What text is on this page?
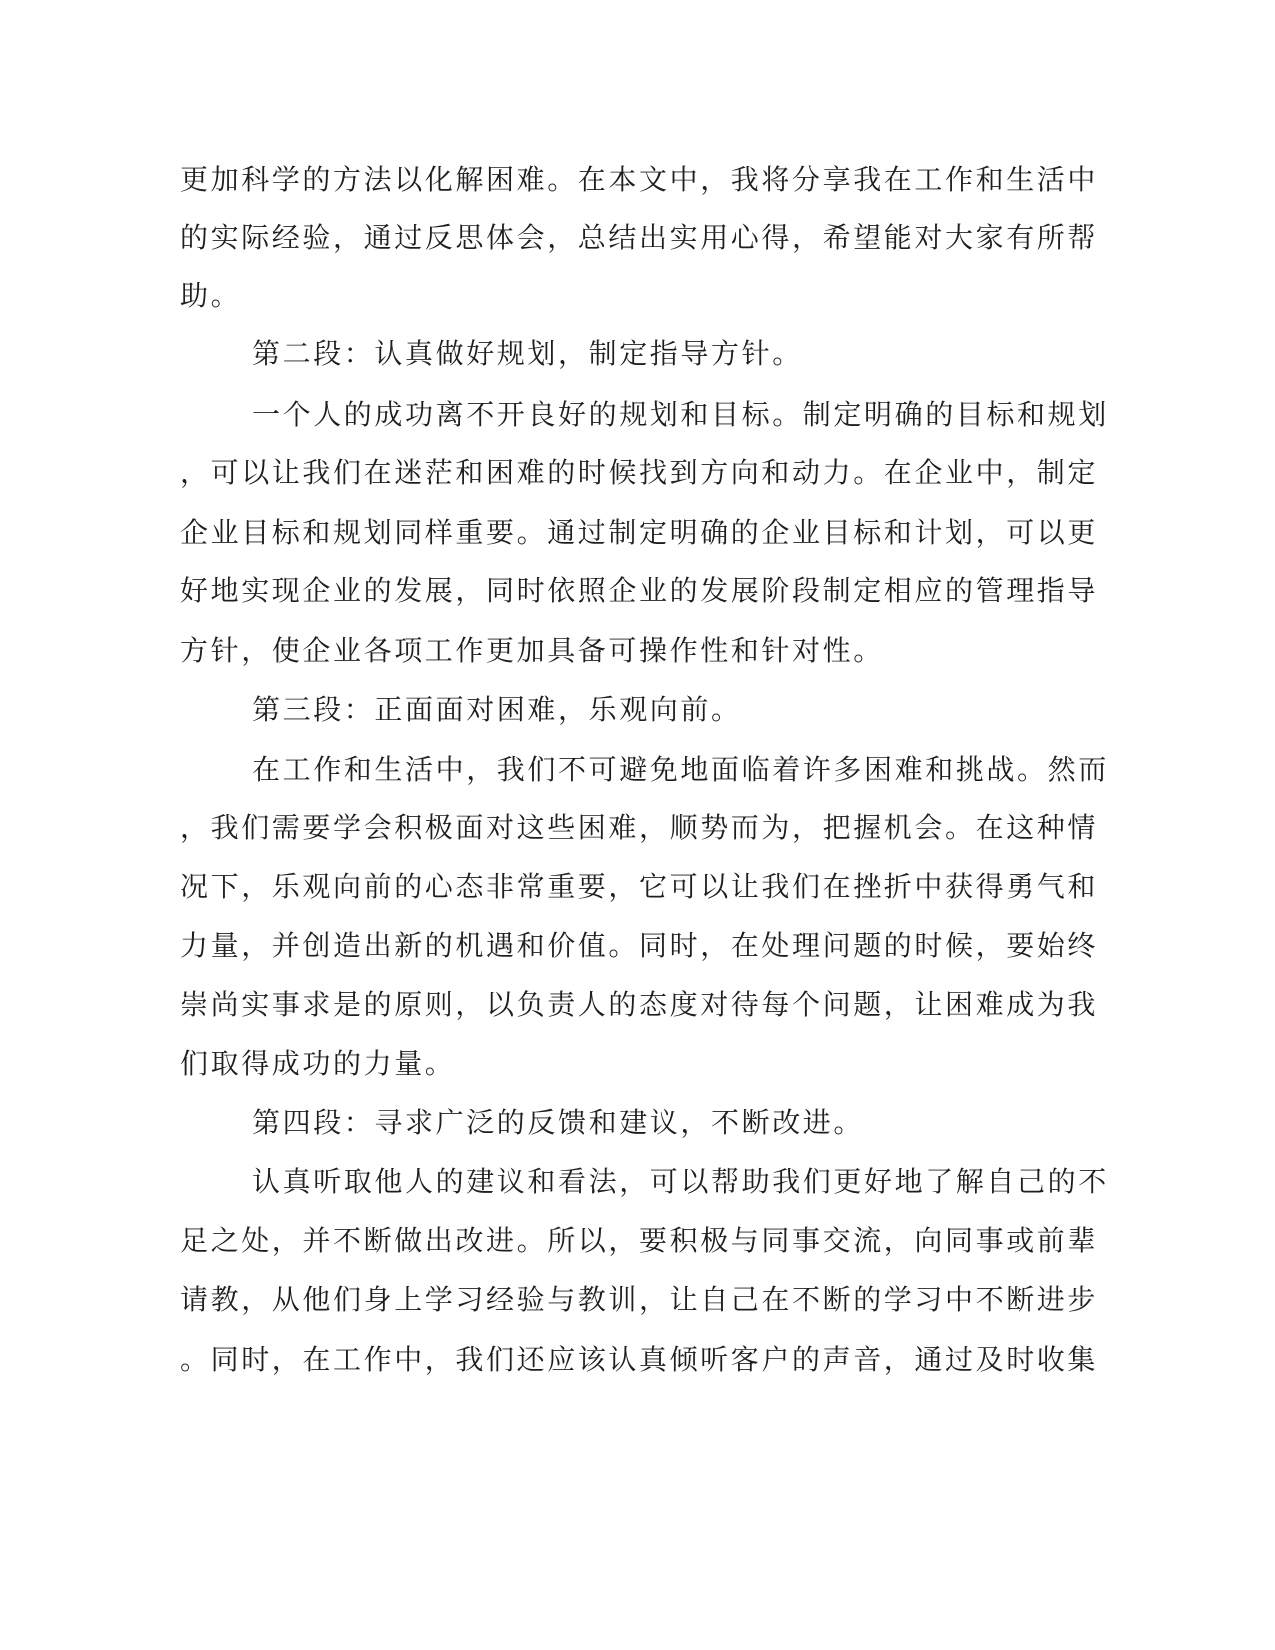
更加科学的方法以化解困难。在本文中，我将分享我在工作和生活中
的实际经验，通过反思体会，总结出实用心得，希望能对大家有所帮
助。
第二段：认真做好规划，制定指导方针。
一个人的成功离不开良好的规划和目标。制定明确的目标和规划
，可以让我们在迷茫和困难的时候找到方向和动力。在企业中，制定
企业目标和规划同样重要。通过制定明确的企业目标和计划，可以更
好地实现企业的发展，同时依照企业的发展阶段制定相应的管理指导
方针，使企业各项工作更加具备可操作性和针对性。
第三段：正面面对困难，乐观向前。
在工作和生活中，我们不可避免地面临着许多困难和挑战。然而
，我们需要学会积极面对这些困难，顺势而为，把握机会。在这种情
况下，乐观向前的心态非常重要，它可以让我们在挫折中获得勇气和
力量，并创造出新的机遇和价值。同时，在处理问题的时候，要始终
崇尚实事求是的原则，以负责人的态度对待每个问题，让困难成为我
们取得成功的力量。
第四段：寻求广泛的反馈和建议，不断改进。
认真听取他人的建议和看法，可以帮助我们更好地了解自己的不
足之处，并不断做出改进。所以，要积极与同事交流，向同事或前辈
请教，从他们身上学习经验与教训，让自己在不断的学习中不断进步
。同时，在工作中，我们还应该认真倾听客户的声音，通过及时收集
